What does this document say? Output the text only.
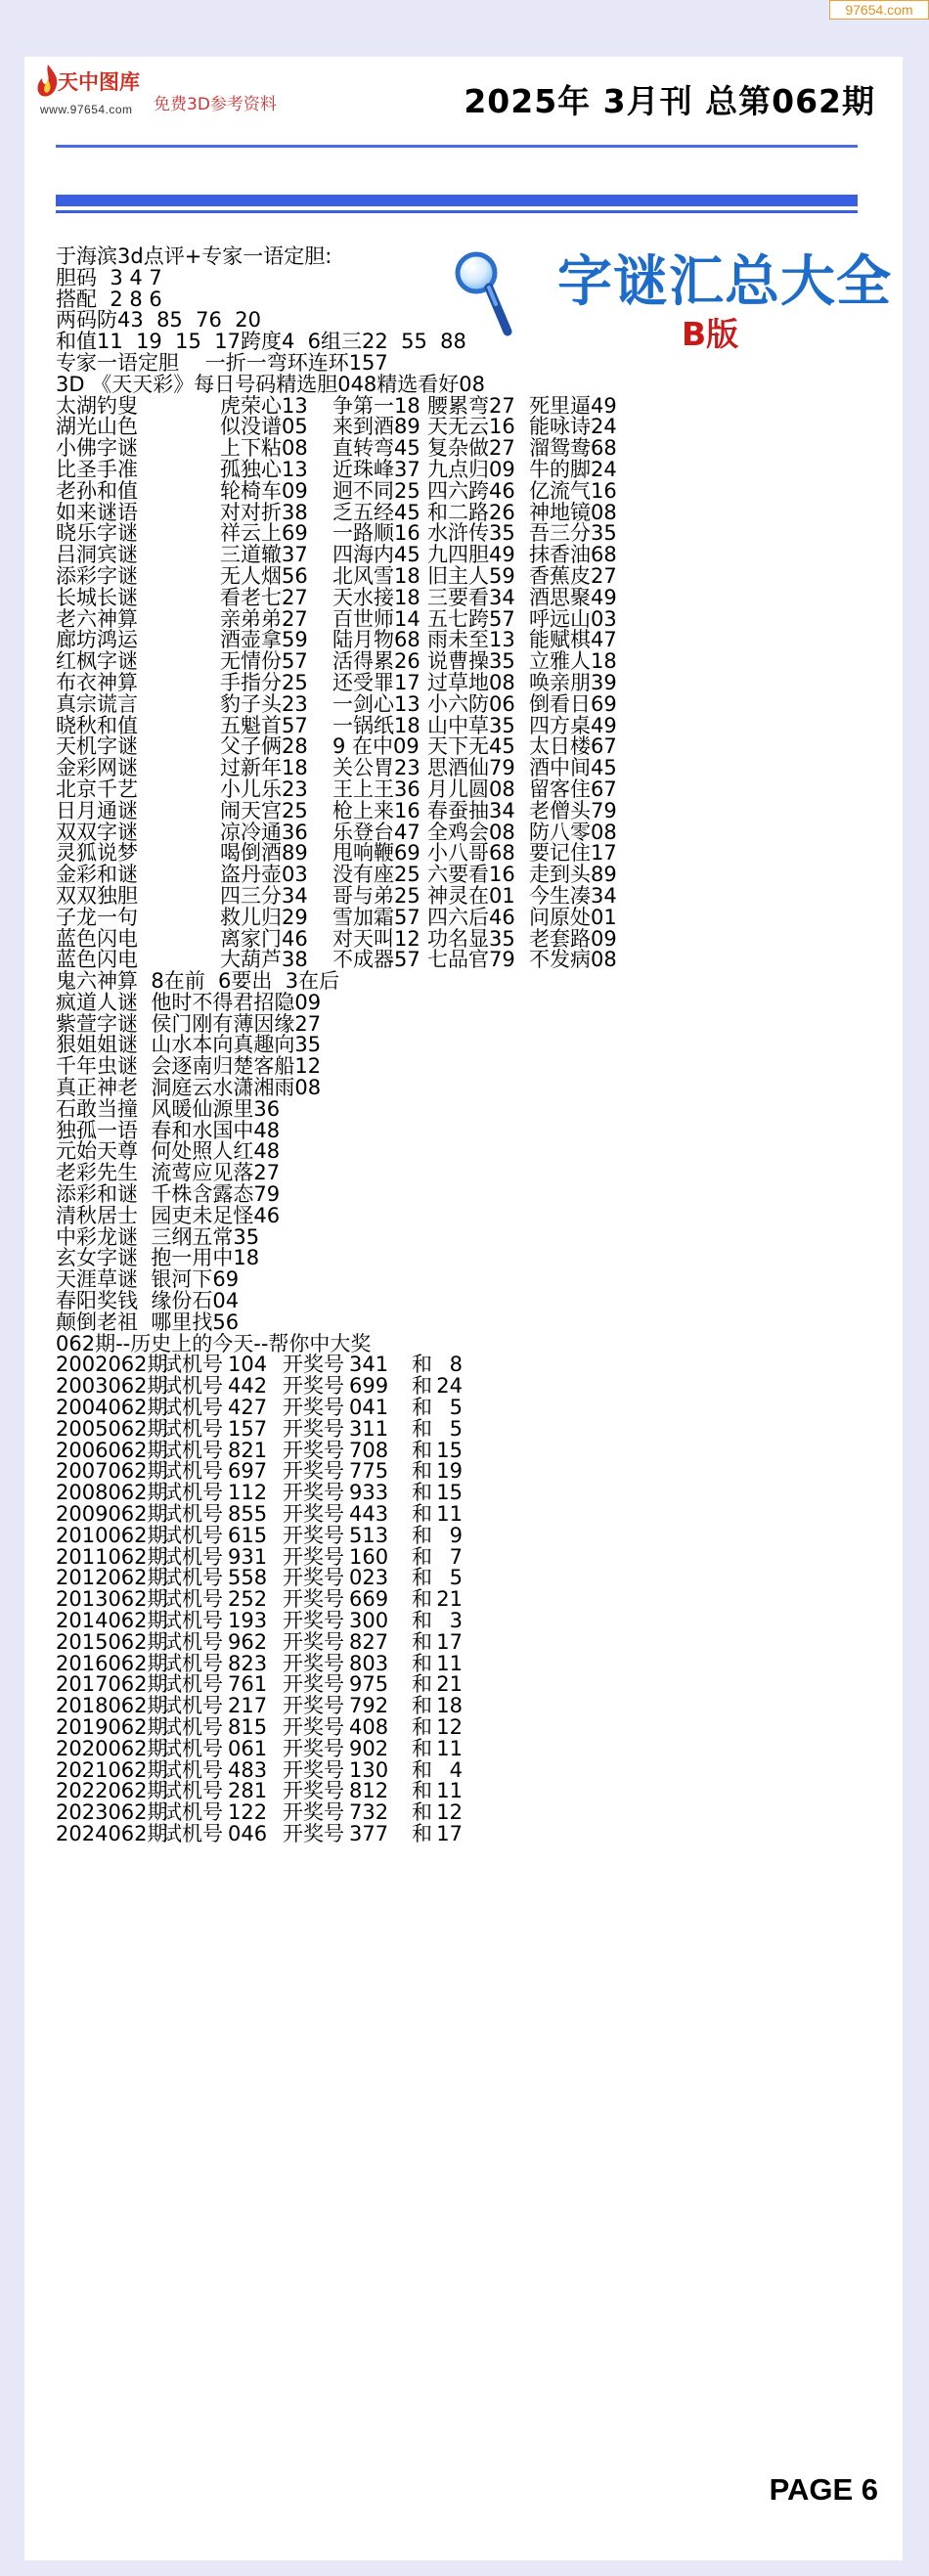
97654.com
天中图库
www.97654.com 免费3D参考资料	2025年 3月刊 总第062期
字谜汇总大全
B版
于海滨3d点评+专家一语定胆:
胆码  3 4 7
搭配  2 8 6
两码防43  85  76  20
和值11  19  15  17跨度4  6组三22  55  88
专家一语定胆    一折一弯环连环157
3D 《天天彩》每日号码精选胆048精选看好08
太湖钓叟	虎荣心13 争第一18 腰累弯27 死里逼49
湖光山色	似没谱05 来到酒89 天无云16 能咏诗24
小佛字谜	上下粘08 直转弯45 复杂做27 溜鸳鸯68
比圣手准	孤独心13 近珠峰37 九点归09 牛的脚24
老孙和值	轮椅车09 迥不同25 四六跨46 亿流气16
如来谜语	对对折38 乏五经45 和二路26 神地镜08
晓乐字谜	祥云上69 一路顺16 水浒传35 吾三分35
吕洞宾谜	三道辙37 四海内45 九四胆49 抹香油68
添彩字谜	无人烟56 北风雪18 旧主人59 香蕉皮27
长城长谜	看老七27 天水接18 三要看34 酒思聚49
老六神算	亲弟弟27 百世师14 五七跨57 呼远山03
廊坊鸿运	酒壶拿59 陆月物68 雨未至13 能赋棋47
红枫字谜	无情份57 活得累26 说曹操35 立雅人18
布衣神算	手指分25 还受罪17 过草地08 唤亲朋39
真宗谎言	豹子头23 一剑心13 小六防06 倒看日69
晓秋和值	五魁首57 一锅纸18 山中草35 四方桌49
天机字谜	父子俩28 9 在中09 天下无45 太日楼67
金彩网谜	过新年18 关公胃23 思酒仙79 酒中间45
北京千艺	小儿乐23 王上王36 月儿圆08 留客住67
日月通谜	闹天宫25 枪上来16 春蚕抽34 老僧头79
双双字谜	凉冷通36 乐登台47 全鸡会08 防八零08
灵狐说梦	喝倒酒89 甩响鞭69 小八哥68 要记住17
金彩和谜	盗丹壶03 没有座25 六要看16 走到头89
双双独胆	四三分34 哥与弟25 神灵在01 今生凑34
子龙一句	救儿归29 雪加霜57 四六后46 问原处01
蓝色闪电	离家门46 对天叫12 功名显35 老套路09
蓝色闪电	大葫芦38 不成器57 七品官79 不发病08
鬼六神算  8在前  6要出  3在后
疯道人谜  他时不得君招隐09
紫萱字谜  侯门刚有薄因缘27
狠姐姐谜  山水本向真趣向35
千年虫谜  会逐南归楚客船12
真正神老  洞庭云水潇湘雨08
石敢当撞  风暖仙源里36
独孤一语  春和水国中48
元始天尊  何处照人红48
老彩先生  流莺应见落27
添彩和谜  千株含露态79
清秋居士  园吏未足怪46
中彩龙谜  三纲五常35
玄女字谜  抱一用中18
天涯草谜  银河下69
春阳奖钱  缘份石04
颠倒老祖  哪里找56
062期--历史上的今天--帮你中大奖
2002062期试机号 104 开奖号 341 和 8
2003062期试机号 442 开奖号 699 和 24
2004062期试机号 427 开奖号 041 和 5
2005062期试机号 157 开奖号 311 和 5
2006062期试机号 821 开奖号 708 和 15
2007062期试机号 697 开奖号 775 和 19
2008062期试机号 112 开奖号 933 和 15
2009062期试机号 855 开奖号 443 和 11
2010062期试机号 615 开奖号 513 和 9
2011062期试机号 931 开奖号 160 和 7
2012062期试机号 558 开奖号 023 和 5
2013062期试机号 252 开奖号 669 和 21
2014062期试机号 193 开奖号 300 和 3
2015062期试机号 962 开奖号 827 和 17
2016062期试机号 823 开奖号 803 和 11
2017062期试机号 761 开奖号 975 和 21
2018062期试机号 217 开奖号 792 和 18
2019062期试机号 815 开奖号 408 和 12
2020062期试机号 061 开奖号 902 和 11
2021062期试机号 483 开奖号 130 和 4
2022062期试机号 281 开奖号 812 和 11
2023062期试机号 122 开奖号 732 和 12
2024062期试机号 046 开奖号 377 和 17
PAGE 6
